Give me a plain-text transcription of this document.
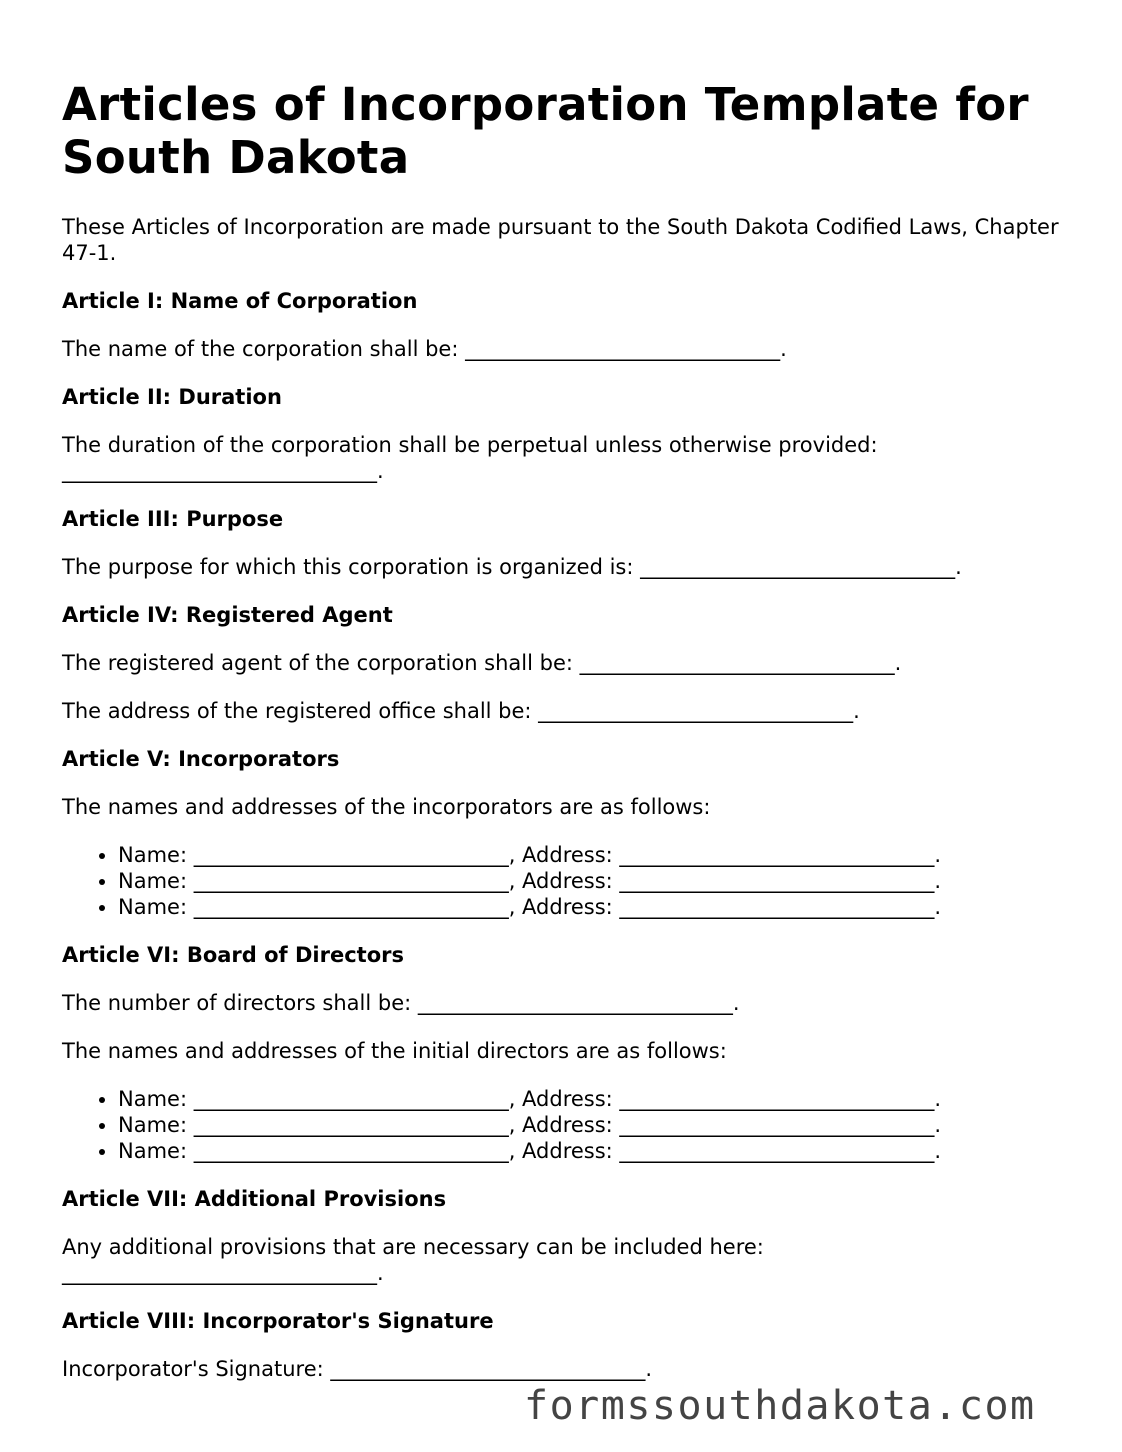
Articles of Incorporation Template for South Dakota

These Articles of Incorporation are made pursuant to the South Dakota Codified Laws, Chapter 47-1.

Article I: Name of Corporation

The name of the corporation shall be: ______________________________.

Article II: Duration

The duration of the corporation shall be perpetual unless otherwise provided: ______________________________.

Article III: Purpose

The purpose for which this corporation is organized is: ______________________________.

Article IV: Registered Agent

The registered agent of the corporation shall be: ______________________________.

The address of the registered office shall be: ______________________________.

Article V: Incorporators

The names and addresses of the incorporators are as follows:

• Name: ______________________________, Address: ______________________________.
• Name: ______________________________, Address: ______________________________.
• Name: ______________________________, Address: ______________________________.
Article VI: Board of Directors

The number of directors shall be: ______________________________.

The names and addresses of the initial directors are as follows:

• Name: ______________________________, Address: ______________________________.
• Name: ______________________________, Address: ______________________________.
• Name: ______________________________, Address: ______________________________.
Article VII: Additional Provisions

Any additional provisions that are necessary can be included here: ______________________________.

Article VIII: Incorporator's Signature

Incorporator's Signature: ______________________________.

formssouthdakota.com
